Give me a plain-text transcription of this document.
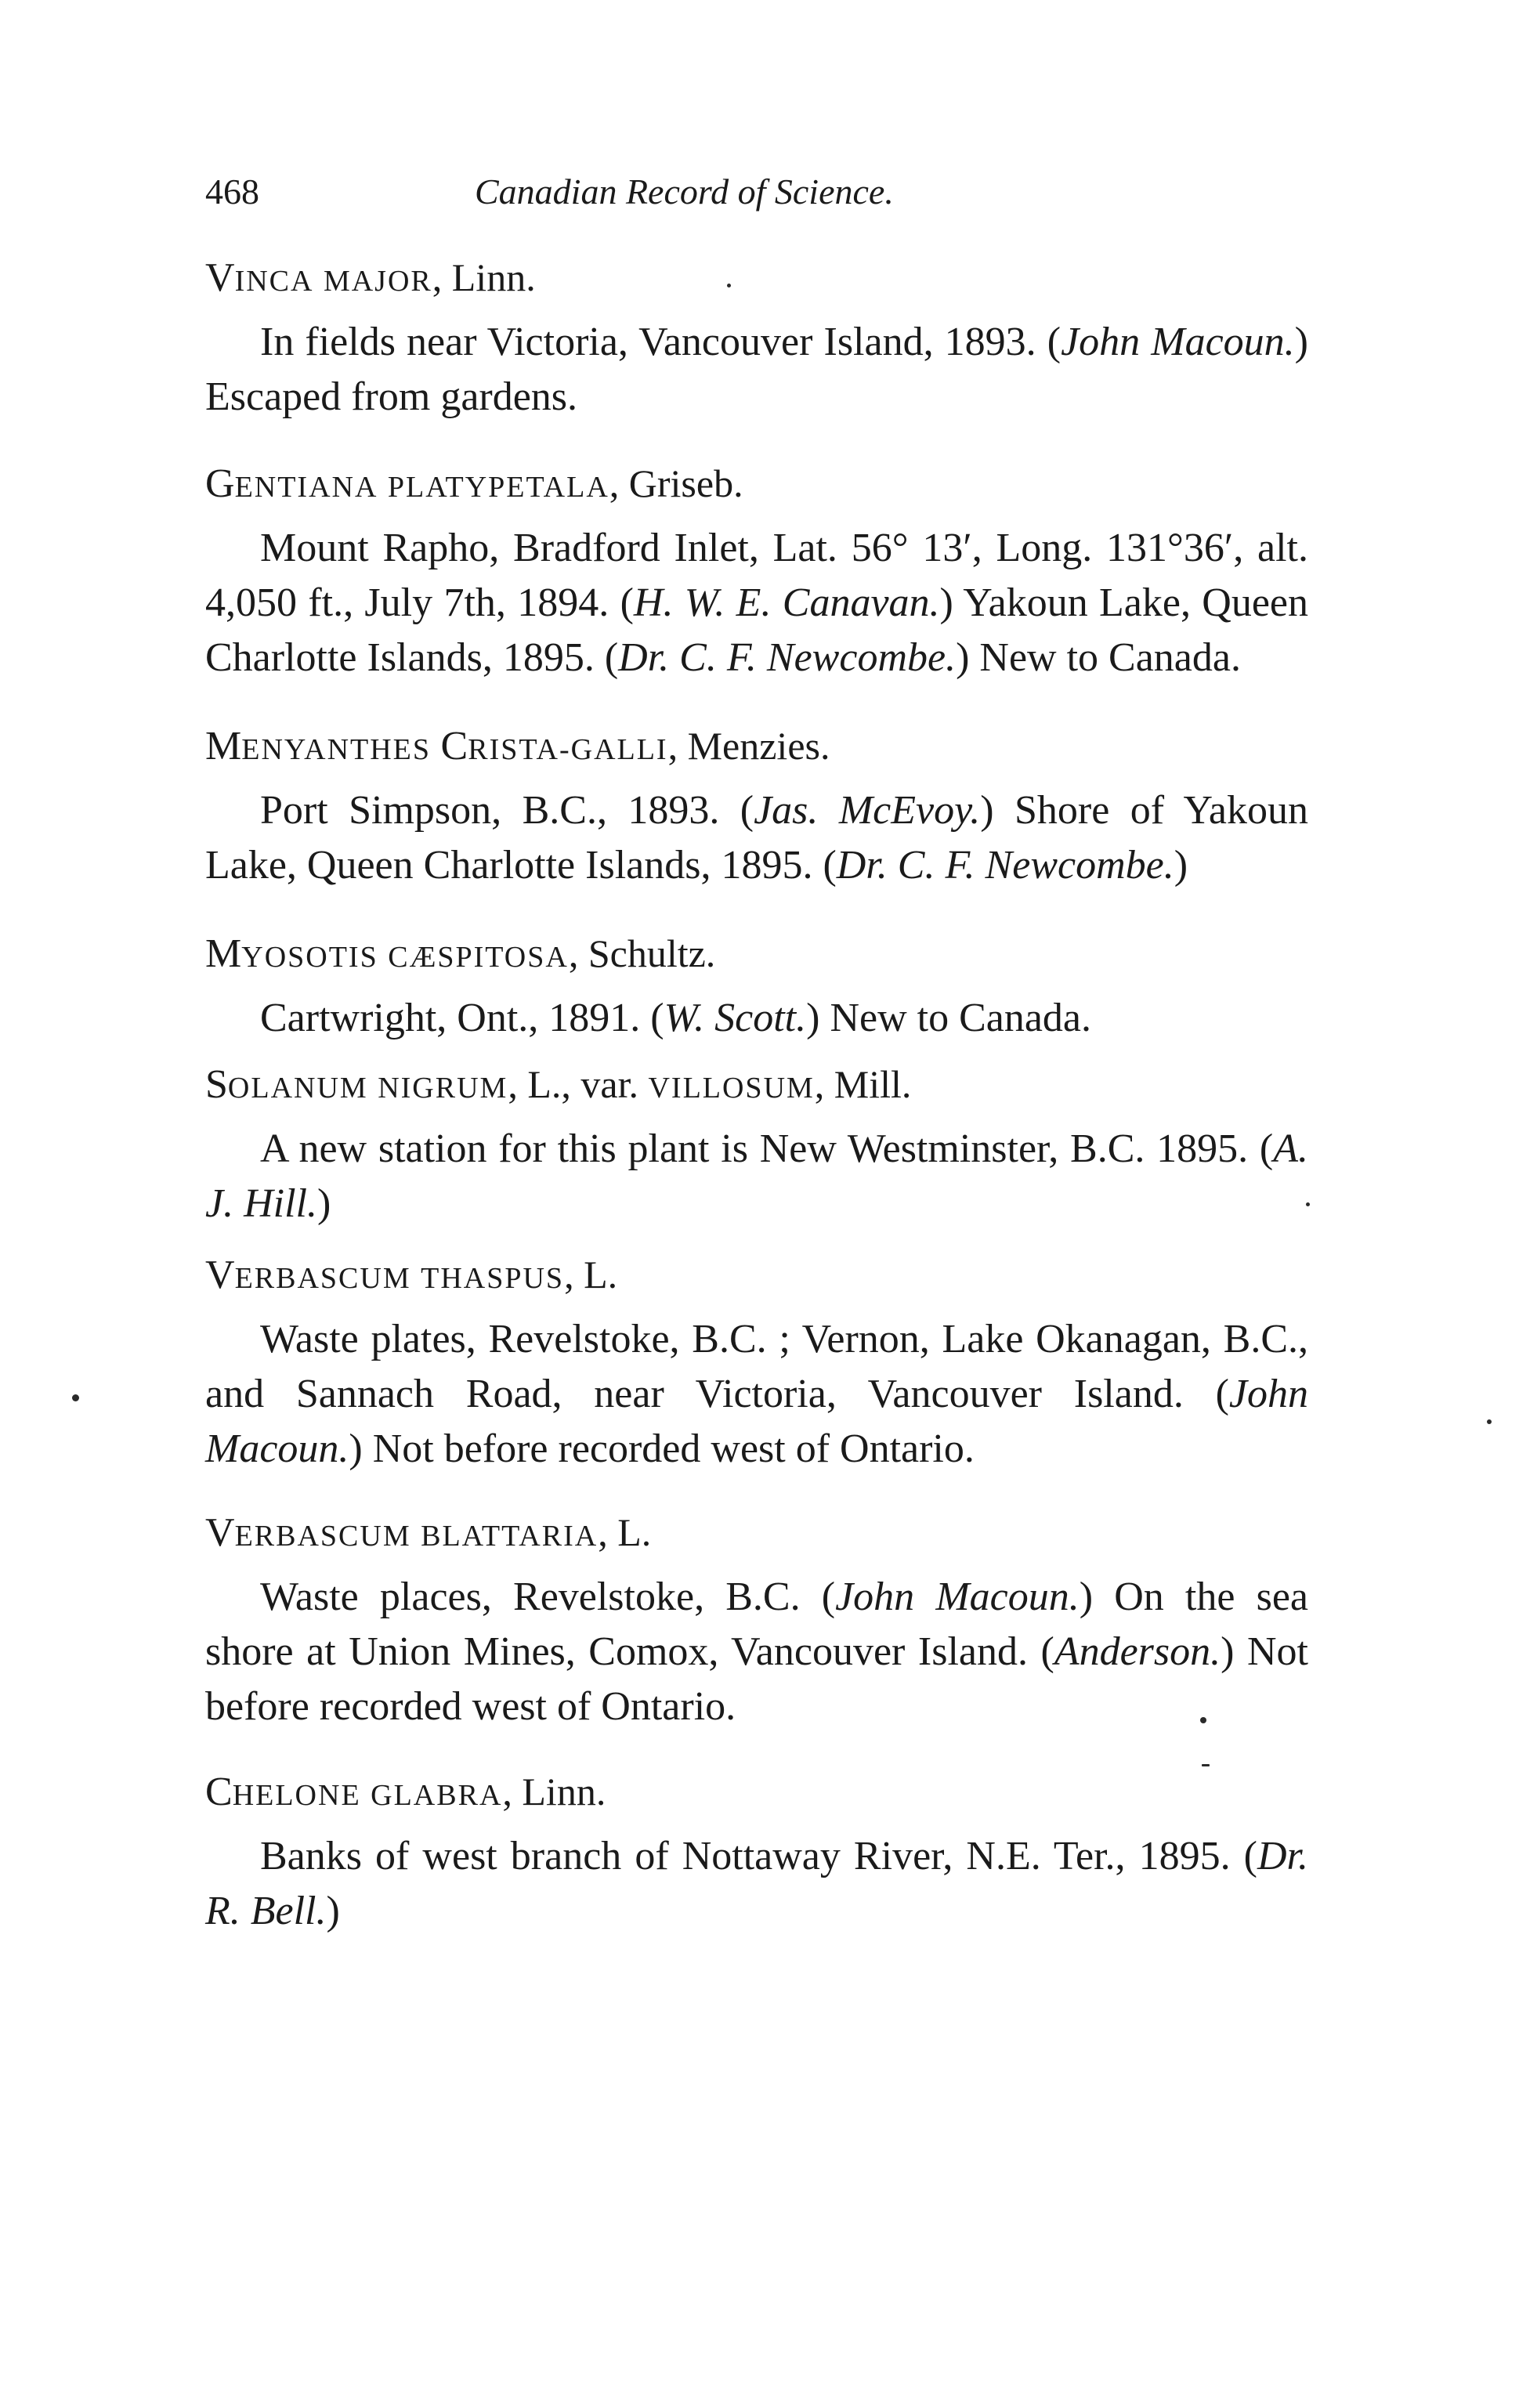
468	Canadian Record of Science.

VINCA MAJOR, Linn.

In fields near Victoria, Vancouver Island, 1893. (John Macoun.) Escaped from gardens.

GENTIANA PLATYPETALA, Griseb.

Mount Rapho, Bradford Inlet, Lat. 56° 13′, Long. 131°36′, alt. 4,050 ft., July 7th, 1894. (H. W. E. Canavan.) Yakoun Lake, Queen Charlotte Islands, 1895. (Dr. C. F. Newcombe.) New to Canada.

MENYANTHES CRISTA-GALLI, Menzies.

Port Simpson, B.C., 1893. (Jas. McEvoy.) Shore of Yakoun Lake, Queen Charlotte Islands, 1895. (Dr. C. F. Newcombe.)

MYOSOTIS CÆSPITOSA, Schultz.

Cartwright, Ont., 1891. (W. Scott.) New to Canada.

SOLANUM NIGRUM, L., var. VILLOSUM, Mill.

A new station for this plant is New Westminster, B.C. 1895. (A. J. Hill.)

VERBASCUM THASPUS, L.

Waste plates, Revelstoke, B.C. ; Vernon, Lake Okanagan, B.C., and Sannach Road, near Victoria, Vancouver Island. (John Macoun.) Not before recorded west of Ontario.

VERBASCUM BLATTARIA, L.

Waste places, Revelstoke, B.C. (John Macoun.) On the sea shore at Union Mines, Comox, Vancouver Island. (Anderson.) Not before recorded west of Ontario.

CHELONE GLABRA, Linn.

Banks of west branch of Nottaway River, N.E. Ter., 1895. (Dr. R. Bell.)
